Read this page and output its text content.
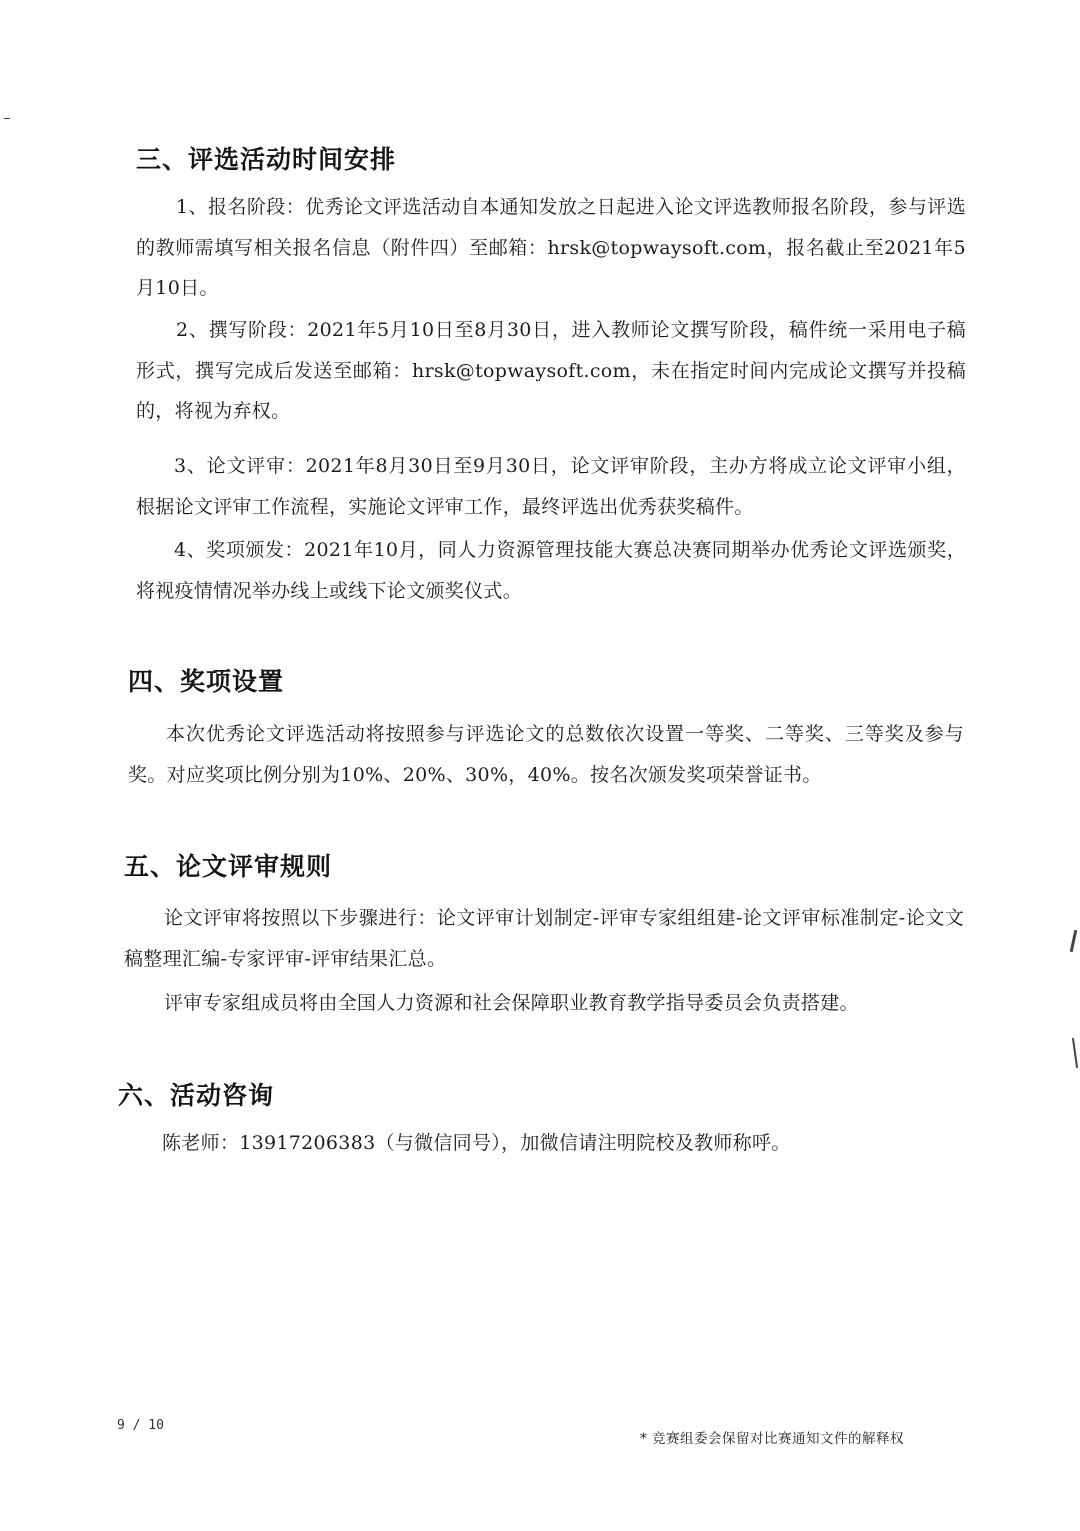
三、评选活动时间安排

1、报名阶段：优秀论文评选活动自本通知发放之日起进入论文评选教师报名阶段，参与评选的教师需填写相关报名信息（附件四）至邮箱：hrsk@topwaysoft.com，报名截止至2021年5月10日。

2、撰写阶段：2021年5月10日至8月30日，进入教师论文撰写阶段，稿件统一采用电子稿形式，撰写完成后发送至邮箱：hrsk@topwaysoft.com，未在指定时间内完成论文撰写并投稿的，将视为弃权。

3、论文评审：2021年8月30日至9月30日，论文评审阶段，主办方将成立论文评审小组，根据论文评审工作流程，实施论文评审工作，最终评选出优秀获奖稿件。

4、奖项颁发：2021年10月，同人力资源管理技能大赛总决赛同期举办优秀论文评选颁奖，将视疫情情况举办线上或线下论文颁奖仪式。

四、奖项设置

本次优秀论文评选活动将按照参与评选论文的总数依次设置一等奖、二等奖、三等奖及参与奖。对应奖项比例分别为10%、20%、30%，40%。按名次颁发奖项荣誉证书。

五、论文评审规则

论文评审将按照以下步骤进行：论文评审计划制定-评审专家组组建-论文评审标准制定-论文文稿整理汇编-专家评审-评审结果汇总。

评审专家组成员将由全国人力资源和社会保障职业教育教学指导委员会负责搭建。

六、活动咨询

陈老师：13917206383（与微信同号），加微信请注明院校及教师称呼。

9 / 10
* 竞赛组委会保留对比赛通知文件的解释权
